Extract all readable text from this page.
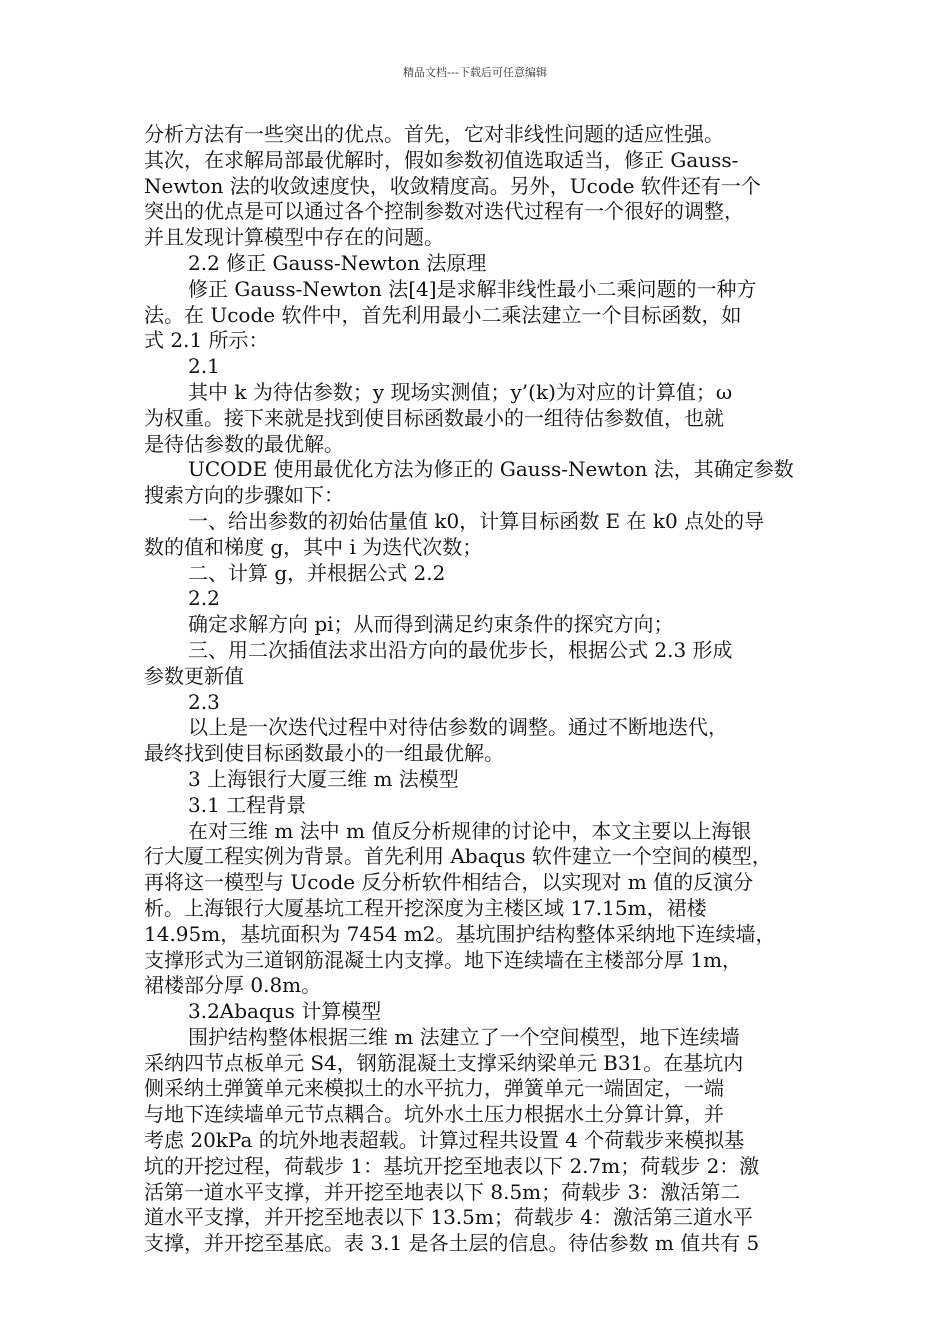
精品文档---下载后可任意编辑

分析方法有一些突出的优点。首先，它对非线性问题的适应性强。

其次，在求解局部最优解时，假如参数初值选取适当，修正 Gauss-

Newton 法的收敛速度快，收敛精度高。另外，Ucode 软件还有一个

突出的优点是可以通过各个控制参数对迭代过程有一个很好的调整，

并且发现计算模型中存在的问题。

2.2 修正 Gauss-Newton 法原理

修正 Gauss-Newton 法[4]是求解非线性最小二乘问题的一种方

法。在 Ucode 软件中，首先利用最小二乘法建立一个目标函数，如

式 2.1 所示：

2.1

其中 k 为待估参数；y 现场实测值；y’(k)为对应的计算值；ω

为权重。接下来就是找到使目标函数最小的一组待估参数值，也就

是待估参数的最优解。

UCODE 使用最优化方法为修正的 Gauss-Newton 法，其确定参数

搜索方向的步骤如下：

一、给出参数的初始估量值 k0，计算目标函数 E 在 k0 点处的导

数的值和梯度 g，其中 i 为迭代次数；

二、计算 g，并根据公式 2.2

2.2

确定求解方向 pi；从而得到满足约束条件的探究方向；

三、用二次插值法求出沿方向的最优步长，根据公式 2.3 形成

参数更新值

2.3

以上是一次迭代过程中对待估参数的调整。通过不断地迭代，

最终找到使目标函数最小的一组最优解。

3 上海银行大厦三维 m 法模型

3.1 工程背景

在对三维 m 法中 m 值反分析规律的讨论中，本文主要以上海银

行大厦工程实例为背景。首先利用 Abaqus 软件建立一个空间的模型，

再将这一模型与 Ucode 反分析软件相结合，以实现对 m 值的反演分

析。上海银行大厦基坑工程开挖深度为主楼区域 17.15m，裙楼

14.95m，基坑面积为 7454 m2。基坑围护结构整体采纳地下连续墙，

支撑形式为三道钢筋混凝土内支撑。地下连续墙在主楼部分厚 1m，

裙楼部分厚 0.8m。

3.2Abaqus 计算模型

围护结构整体根据三维 m 法建立了一个空间模型，地下连续墙

采纳四节点板单元 S4，钢筋混凝土支撑采纳梁单元 B31。在基坑内

侧采纳土弹簧单元来模拟土的水平抗力，弹簧单元一端固定，一端

与地下连续墙单元节点耦合。坑外水土压力根据水土分算计算，并

考虑 20kPa 的坑外地表超载。计算过程共设置 4 个荷载步来模拟基

坑的开挖过程，荷载步 1：基坑开挖至地表以下 2.7m；荷载步 2：激

活第一道水平支撑，并开挖至地表以下 8.5m；荷载步 3：激活第二

道水平支撑，并开挖至地表以下 13.5m；荷载步 4：激活第三道水平

支撑，并开挖至基底。表 3.1 是各土层的信息。待估参数 m 值共有 5
